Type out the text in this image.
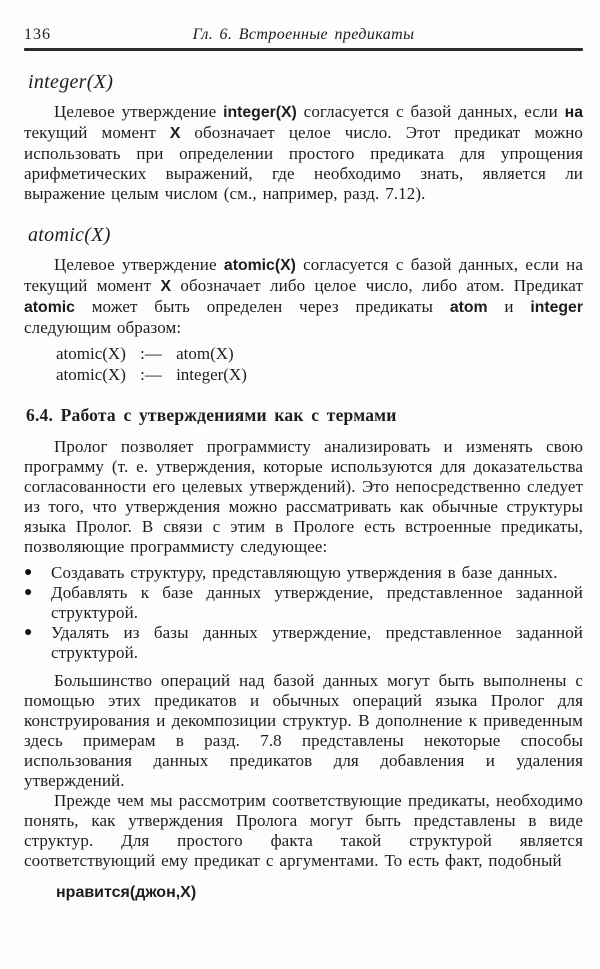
136	Гл. 6. Встроенные предикаты
integer(X)

Целевое утверждение integer(X) согласуется с базой данных, если на текущий момент X обозначает целое число. Этот предикат можно использовать при определении простого предиката для упрощения арифметических выражений, где необходимо знать, является ли выражение целым числом (см., например, разд. 7.12).

atomic(X)

Целевое утверждение atomic(X) согласуется с базой данных, если на текущий момент X обозначает либо целое число, либо атом. Предикат atomic может быть определен через предикаты atom и integer следующим образом:

atomic(X) :— atom(X)
atomic(X) :— integer(X)
6.4. Работа с утверждениями как с термами

Пролог позволяет программисту анализировать и изменять свою программу (т. е. утверждения, которые используются для доказательства согласованности его целевых утверждений). Это непосредственно следует из того, что утверждения можно рассматривать как обычные структуры языка Пролог. В связи с этим в Прологе есть встроенные предикаты, позволяющие программисту следующее:

●	Создавать структуру, представляющую утверждения в базе данных.
●	Добавлять к базе данных утверждение, представленное заданной структурой.
●	Удалять из базы данных утверждение, представленное заданной структурой.

Большинство операций над базой данных могут быть выполнены с помощью этих предикатов и обычных операций языка Пролог для конструирования и декомпозиции структур. В дополнение к приведенным здесь примерам в разд. 7.8 представлены некоторые способы использования данных предикатов для добавления и удаления утверждений.

Прежде чем мы рассмотрим соответствующие предикаты, необходимо понять, как утверждения Пролога могут быть представлены в виде структур. Для простого факта такой структурой является соответствующий ему предикат с аргументами. То есть факт, подобный

нравится(джон,X)
